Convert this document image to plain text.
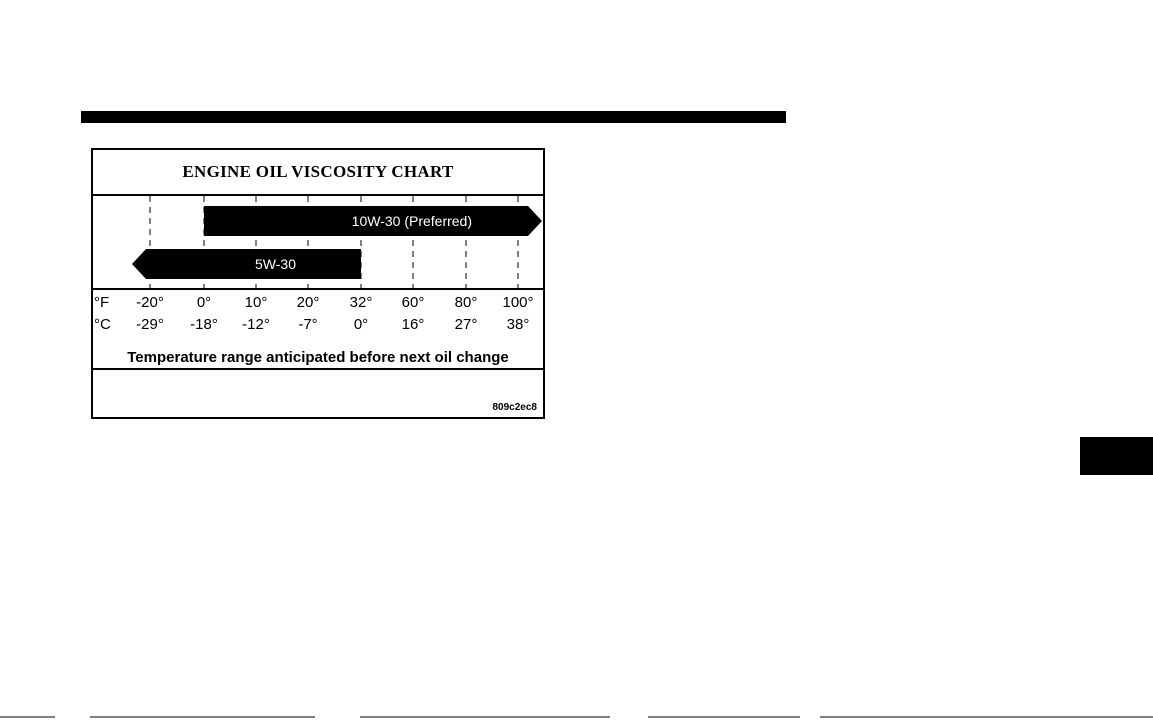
ENGINE OIL VISCOSITY CHART
10W-30 (Preferred)
5W-30
°F
°C
-20° 0° 10° 20° 32° 60° 80° 100°
-29° -18° -12° -7° 0° 16° 27° 38°
Temperature range anticipated before next oil change
809c2ec8
